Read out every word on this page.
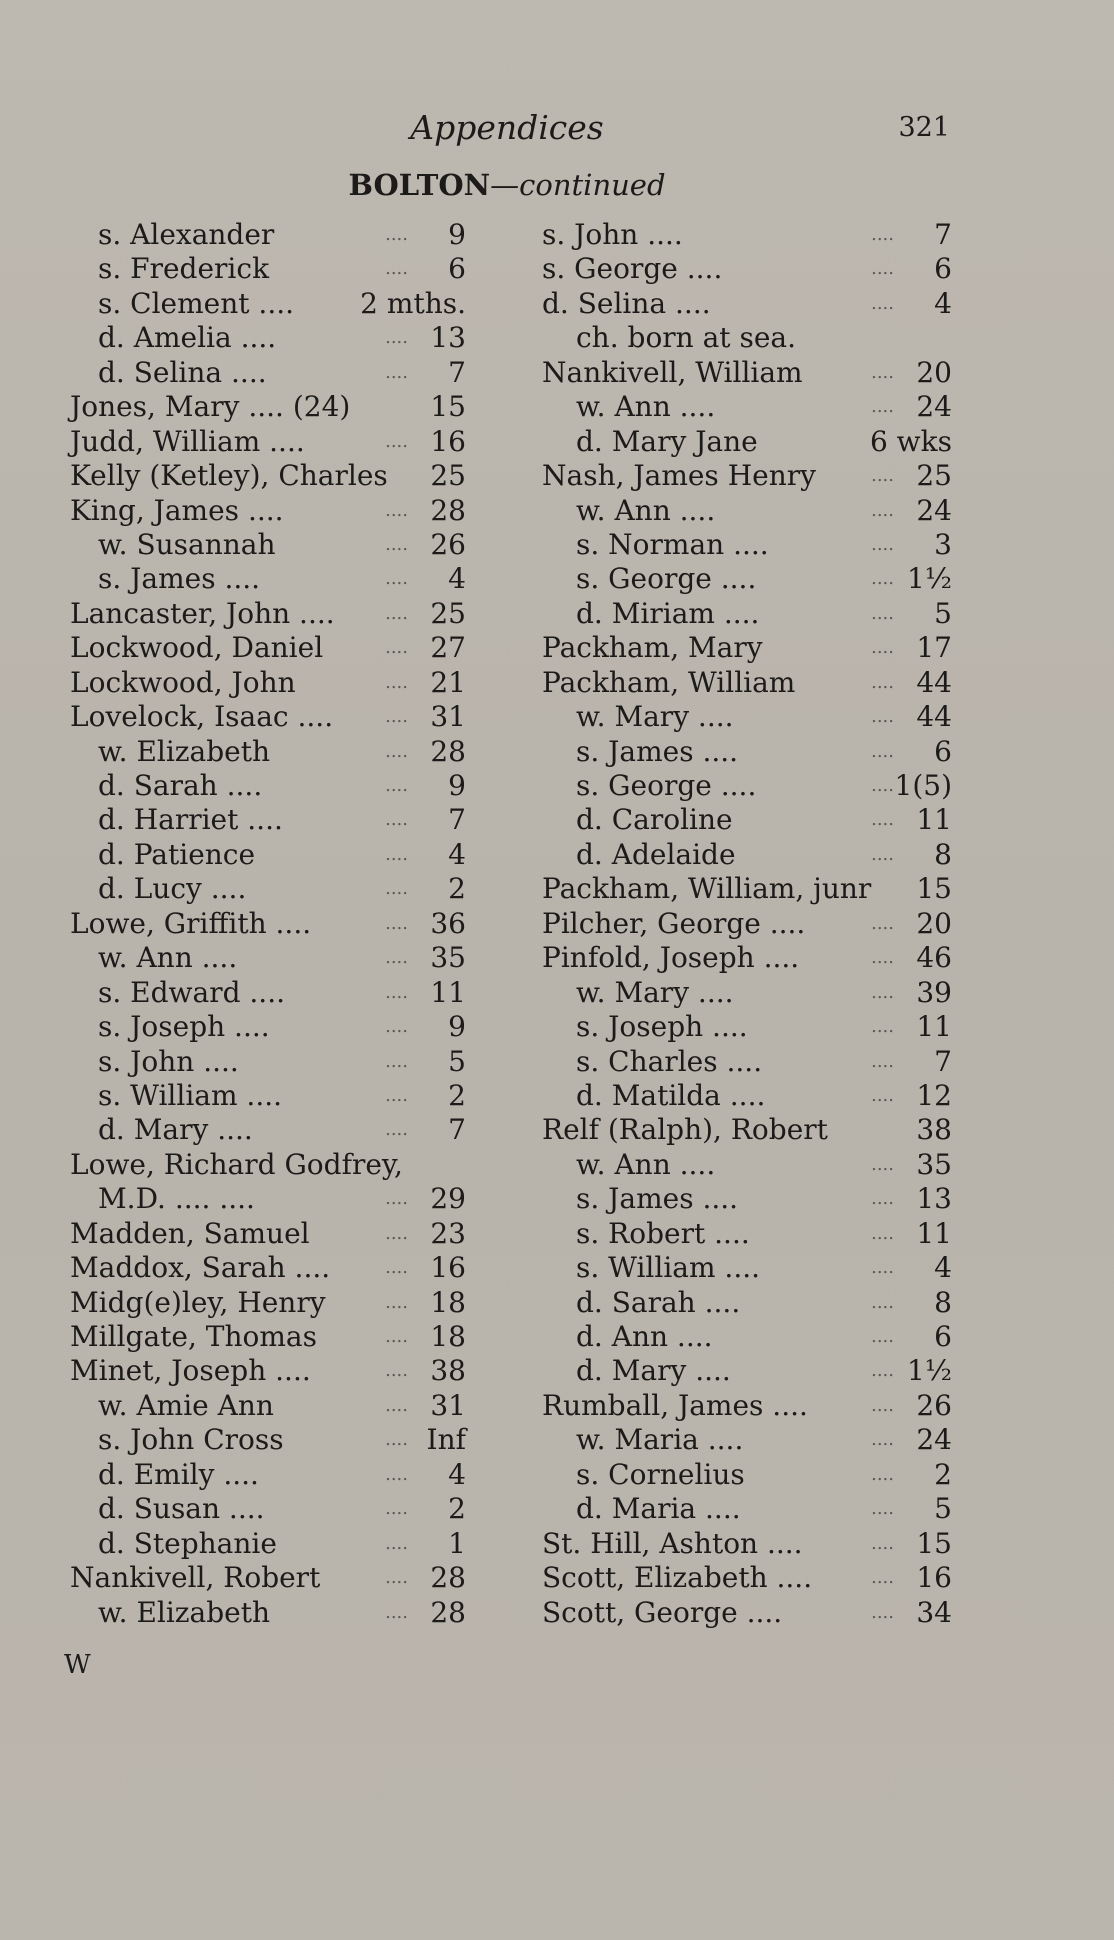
Appendices	321
BOLTON—continued
s. Alexander	9
....
s. Frederick	6
....
s. Clement .... 2 mths.
d. Amelia ....	13
....
d. Selina ....	7
....
Jones, Mary .... (24)	15
Judd, William ....	16
....
Kelly (Ketley), Charles 25
King, James ....	28
....
w. Susannah	26
....
s. James ....	4
....
Lancaster, John ....	25
....
Lockwood, Daniel	27
....
Lockwood, John	21
....
Lovelock, Isaac ....	31
....
w. Elizabeth	28
....
d. Sarah ....	9
....
d. Harriet ....	7
....
d. Patience	4
....
d. Lucy ....	2
....
Lowe, Griffith ....	36
....
w. Ann ....	35
....
s. Edward ....	11
....
s. Joseph ....	9
....
s. John ....	5
....
s. William ....	2
....
d. Mary ....	7
....
Lowe, Richard Godfrey,
M.D. .... ....	29
....
Madden, Samuel	23
....
Maddox, Sarah ....	16
....
Midg(e)ley, Henry	18
....
Millgate, Thomas	18
....
Minet, Joseph ....	38
....
w. Amie Ann	31
....
s. John Cross	Inf
....
d. Emily ....	4
....
d. Susan ....	2
....
d. Stephanie	1
....
Nankivell, Robert	28
....
w. Elizabeth	28
....
s. John ....	7
....
s. George ....	6
....
d. Selina ....	4
....
ch. born at sea.
Nankivell, William	20
....
w. Ann ....	24
....
d. Mary Jane	6 wks
Nash, James Henry	25
....
w. Ann ....	24
....
s. Norman ....	3
....
s. George ....	1½
....
d. Miriam ....	5
....
Packham, Mary	17
....
Packham, William	44
....
w. Mary ....	44
....
s. James ....	6
....
s. George ....	1(5)
....
d. Caroline	11
....
d. Adelaide	8
....
Packham, William, junr 15
Pilcher, George ....	20
....
Pinfold, Joseph ....	46
....
w. Mary ....	39
....
s. Joseph ....	11
....
s. Charles ....	7
....
d. Matilda ....	12
....
Relf (Ralph), Robert	38
w. Ann ....	35
....
s. James ....	13
....
s. Robert ....	11
....
s. William ....	4
....
d. Sarah ....	8
....
d. Ann ....	6
....
d. Mary ....	1½
....
Rumball, James ....	26
....
w. Maria ....	24
....
s. Cornelius	2
....
d. Maria ....	5
....
St. Hill, Ashton ....	15
....
Scott, Elizabeth ....	16
....
Scott, George ....	34
....
W
